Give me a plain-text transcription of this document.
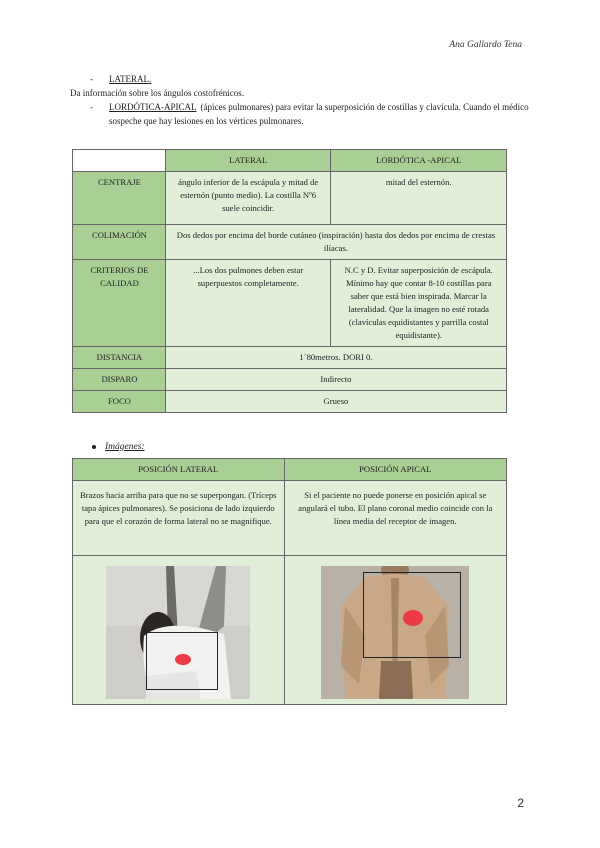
Ana Gallardo Tena
-	LATERAL.
Da información sobre los ángulos costofrénicos.
-	LORDÓTICA-APICAL (ápices pulmonares) para evitar la superposición de costillas y clavícula. Cuando el médico sospeche que hay lesiones en los vértices pulmonares.
	LATERAL	LORDÓTICA -APICAL
CENTRAJE	ángulo inferior de la escápula y mitad de esternón (punto medio). La costilla Nº6 suele coincidir.	mitad del esternón.
COLIMACIÓN	Dos dedos por encima del borde cutáneo (inspiración) hasta dos dedos por encima de crestas ilíacas.	
CRITERIOS DE CALIDAD	...Los dos pulmones deben estar superpuestos completamente.	N.C y D. Evitar superposición de escápula. Mínimo hay que contar 8-10 costillas para saber que está bien inspirada. Marcar la lateralidad. Que la imagen no esté rotada (clavículas equidistantes y parrilla costal equidistante).
DISTANCIA	1´80metros. DORI 0.	
DISPARO	Indirecto	
FOCO	Grueso	
Imágenes:
POSICIÓN LATERAL	POSICIÓN APICAL
Brazos hacia arriba para que no se superpongan. (Tríceps tapa ápices pulmonares). Se posiciona de lado izquierdo para que el corazón de forma lateral no se magnifique.	Si el paciente no puede ponerse en posición apical se angulará el tubo. El plano coronal medio coincide con la línea media del receptor de imagen.

2
